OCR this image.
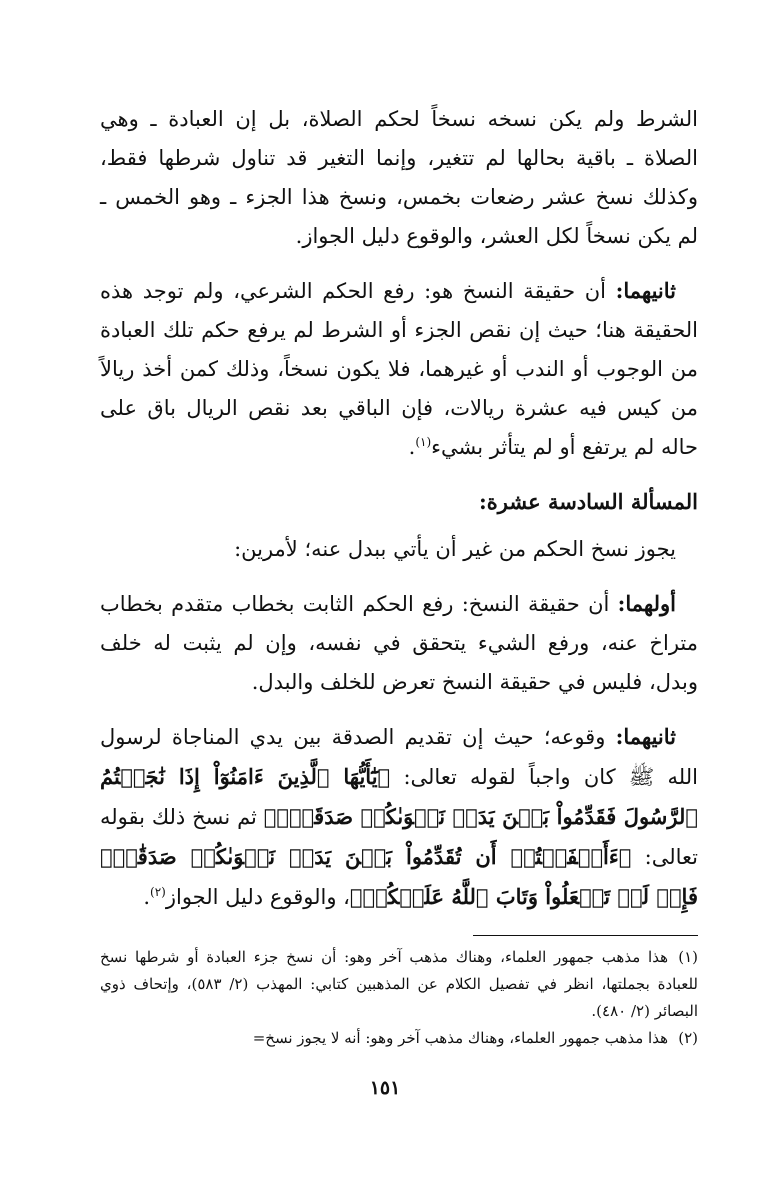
الشرط ولم يكن نسخه نسخاً لحكم الصلاة، بل إن العبادة ـ وهي الصلاة ـ باقية بحالها لم تتغير، وإنما التغير قد تناول شرطها فقط، وكذلك نسخ عشر رضعات بخمس، ونسخ هذا الجزء ـ وهو الخمس ـ لم يكن نسخاً لكل العشر، والوقوع دليل الجواز.

ثانيهما: أن حقيقة النسخ هو: رفع الحكم الشرعي، ولم توجد هذه الحقيقة هنا؛ حيث إن نقص الجزء أو الشرط لم يرفع حكم تلك العبادة من الوجوب أو الندب أو غيرهما، فلا يكون نسخاً، وذلك كمن أخذ ريالاً من كيس فيه عشرة ريالات، فإن الباقي بعد نقص الريال باق على حاله لم يرتفع أو لم يتأثر بشيء$^{(١)}$.

المسألة السادسة عشرة:

يجوز نسخ الحكم من غير أن يأتي ببدل عنه؛ لأمرين:

أولهما: أن حقيقة النسخ: رفع الحكم الثابت بخطاب متقدم بخطاب متراخ عنه، ورفع الشيء يتحقق في نفسه، وإن لم يثبت له خلف وبدل، فليس في حقيقة النسخ تعرض للخلف والبدل.

ثانيهما: وقوعه؛ حيث إن تقديم الصدقة بين يدي المناجاة لرسول الله ﷺ كان واجباً لقوله تعالى: ﴿يَٰٓأَيُّهَا ٱلَّذِينَ ءَامَنُوٓاْ إِذَا نَٰجَيۡتُمُ ٱلرَّسُولَ فَقَدِّمُواْ بَيۡنَ يَدَيۡ نَجۡوَىٰكُمۡ صَدَقَةٗۚ﴾ ثم نسخ ذلك بقوله تعالى: ﴿ءَأَشۡفَقۡتُمۡ أَن تُقَدِّمُواْ بَيۡنَ يَدَيۡ نَجۡوَىٰكُمۡ صَدَقَٰتٖۚ فَإِذۡ لَمۡ تَفۡعَلُواْ وَتَابَ ٱللَّهُ عَلَيۡكُمۡ﴾، والوقوع دليل الجواز$^{(٢)}$.

(١)هذا مذهب جمهور العلماء، وهناك مذهب آخر وهو: أن نسخ جزء العبادة أو شرطها نسخ للعبادة بجملتها، انظر في تفصيل الكلام عن المذهبين كتابي: المهذب (٢/ ٥٨٣)، وإتحاف ذوي البصائر (٢/ ٤٨٠).

(٢)هذا مذهب جمهور العلماء، وهناك مذهب آخر وهو: أنه لا يجوز نسخ=

١٥١
